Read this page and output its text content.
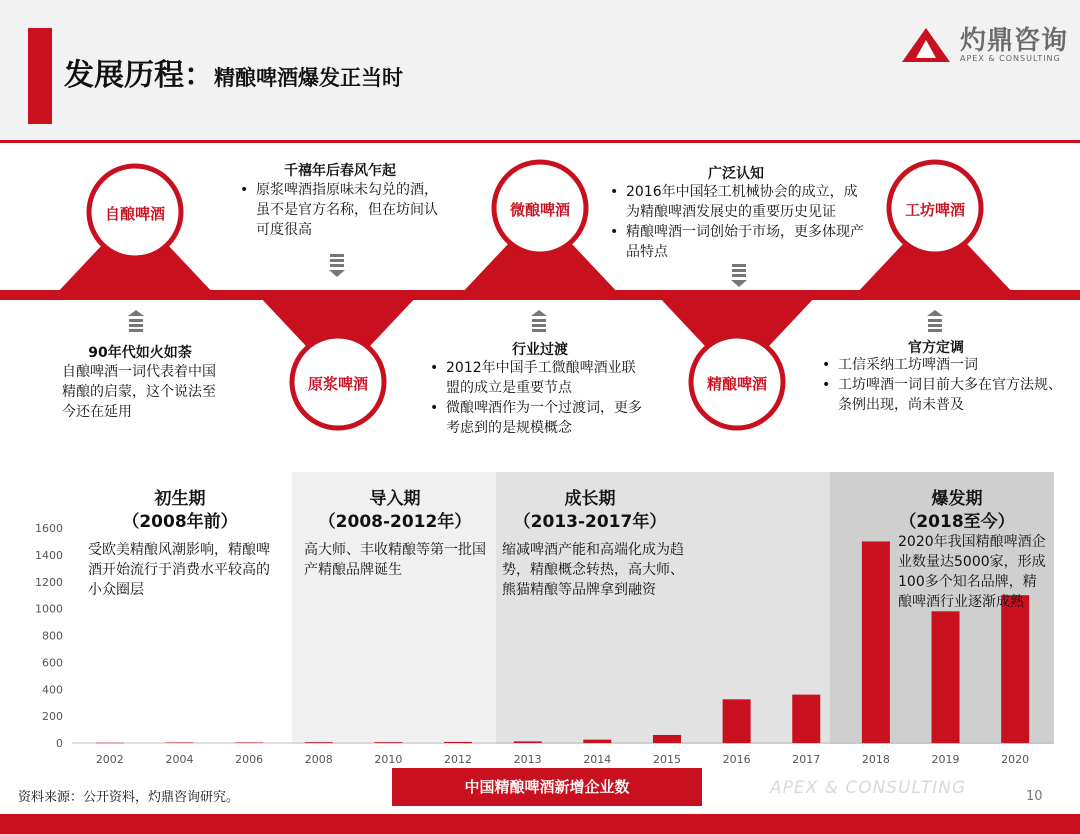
发展历程：精酿啤酒爆发正当时
灼鼎咨询
APEX & CONSULTING
自酿啤酒
原浆啤酒
微酿啤酒
精酿啤酒
工坊啤酒
90年代如火如荼
自酿啤酒一词代表着中国精酿的启蒙，这个说法至今还在延用
千禧年后春风乍起
• 原浆啤酒指原味未勾兑的酒，虽不是官方名称，但在坊间认可度很高
行业过渡
• 2012年中国手工微酿啤酒业联盟的成立是重要节点
• 微酿啤酒作为一个过渡词，更多考虑到的是规模概念
广泛认知
• 2016年中国轻工机械协会的成立，成为精酿啤酒发展史的重要历史见证
• 精酿啤酒一词创始于市场，更多体现产品特点
官方定调
• 工信采纳工坊啤酒一词
• 工坊啤酒一词目前大多在官方法规、条例出现，尚未普及
0
200
400
600
800
1000
1200
1400
1600
2002	2004	2006	2008	2010	2012	2013	2014	2015	2016	2017	2018	2019	2020
初生期
（2008年前）
受欧美精酿风潮影响，精酿啤酒开始流行于消费水平较高的小众圈层
导入期
（2008-2012年）
高大师、丰收精酿等第一批国产精酿品牌诞生
成长期
（2013-2017年）
缩减啤酒产能和高端化成为趋势，精酿概念转热，高大师、熊猫精酿等品牌拿到融资
爆发期
（2018至今）
2020年我国精酿啤酒企业数量达5000家，形成100多个知名品牌，精酿啤酒行业逐渐成熟
中国精酿啤酒新增企业数
资料来源：公开资料，灼鼎咨询研究。	APEX & CONSULTING	10
